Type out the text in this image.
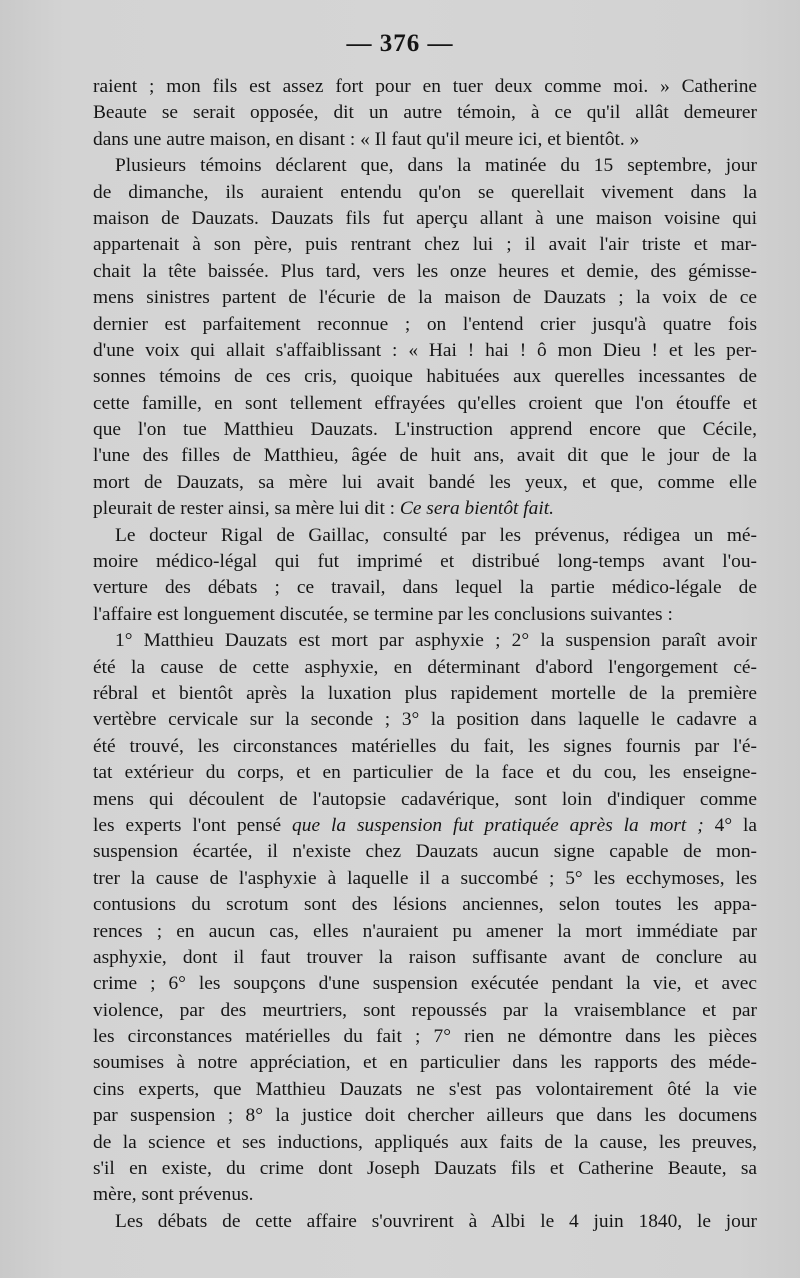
— 376 —
raient ; mon fils est assez fort pour en tuer deux comme moi. » Catherine
Beaute se serait opposée, dit un autre témoin, à ce qu'il allât demeurer
dans une autre maison, en disant : « Il faut qu'il meure ici, et bientôt. »
Plusieurs témoins déclarent que, dans la matinée du 15 septembre, jour
de dimanche, ils auraient entendu qu'on se querellait vivement dans la
maison de Dauzats. Dauzats fils fut aperçu allant à une maison voisine qui
appartenait à son père, puis rentrant chez lui ; il avait l'air triste et mar-
chait la tête baissée. Plus tard, vers les onze heures et demie, des gémisse-
mens sinistres partent de l'écurie de la maison de Dauzats ; la voix de ce
dernier est parfaitement reconnue ; on l'entend crier jusqu'à quatre fois
d'une voix qui allait s'affaiblissant : « Hai ! hai ! ô mon Dieu ! et les per-
sonnes témoins de ces cris, quoique habituées aux querelles incessantes de
cette famille, en sont tellement effrayées qu'elles croient que l'on étouffe et
que l'on tue Matthieu Dauzats. L'instruction apprend encore que Cécile,
l'une des filles de Matthieu, âgée de huit ans, avait dit que le jour de la
mort de Dauzats, sa mère lui avait bandé les yeux, et que, comme elle
pleurait de rester ainsi, sa mère lui dit : Ce sera bientôt fait.
Le docteur Rigal de Gaillac, consulté par les prévenus, rédigea un mé-
moire médico-légal qui fut imprimé et distribué long-temps avant l'ou-
verture des débats ; ce travail, dans lequel la partie médico-légale de
l'affaire est longuement discutée, se termine par les conclusions suivantes :
1° Matthieu Dauzats est mort par asphyxie ; 2° la suspension paraît avoir
été la cause de cette asphyxie, en déterminant d'abord l'engorgement cé-
rébral et bientôt après la luxation plus rapidement mortelle de la première
vertèbre cervicale sur la seconde ; 3° la position dans laquelle le cadavre a
été trouvé, les circonstances matérielles du fait, les signes fournis par l'é-
tat extérieur du corps, et en particulier de la face et du cou, les enseigne-
mens qui découlent de l'autopsie cadavérique, sont loin d'indiquer comme
les experts l'ont pensé que la suspension fut pratiquée après la mort ; 4° la
suspension écartée, il n'existe chez Dauzats aucun signe capable de mon-
trer la cause de l'asphyxie à laquelle il a succombé ; 5° les ecchymoses, les
contusions du scrotum sont des lésions anciennes, selon toutes les appa-
rences ; en aucun cas, elles n'auraient pu amener la mort immédiate par
asphyxie, dont il faut trouver la raison suffisante avant de conclure au
crime ; 6° les soupçons d'une suspension exécutée pendant la vie, et avec
violence, par des meurtriers, sont repoussés par la vraisemblance et par
les circonstances matérielles du fait ; 7° rien ne démontre dans les pièces
soumises à notre appréciation, et en particulier dans les rapports des méde-
cins experts, que Matthieu Dauzats ne s'est pas volontairement ôté la vie
par suspension ; 8° la justice doit chercher ailleurs que dans les documens
de la science et ses inductions, appliqués aux faits de la cause, les preuves,
s'il en existe, du crime dont Joseph Dauzats fils et Catherine Beaute, sa
mère, sont prévenus.
Les débats de cette affaire s'ouvrirent à Albi le 4 juin 1840, le jour
